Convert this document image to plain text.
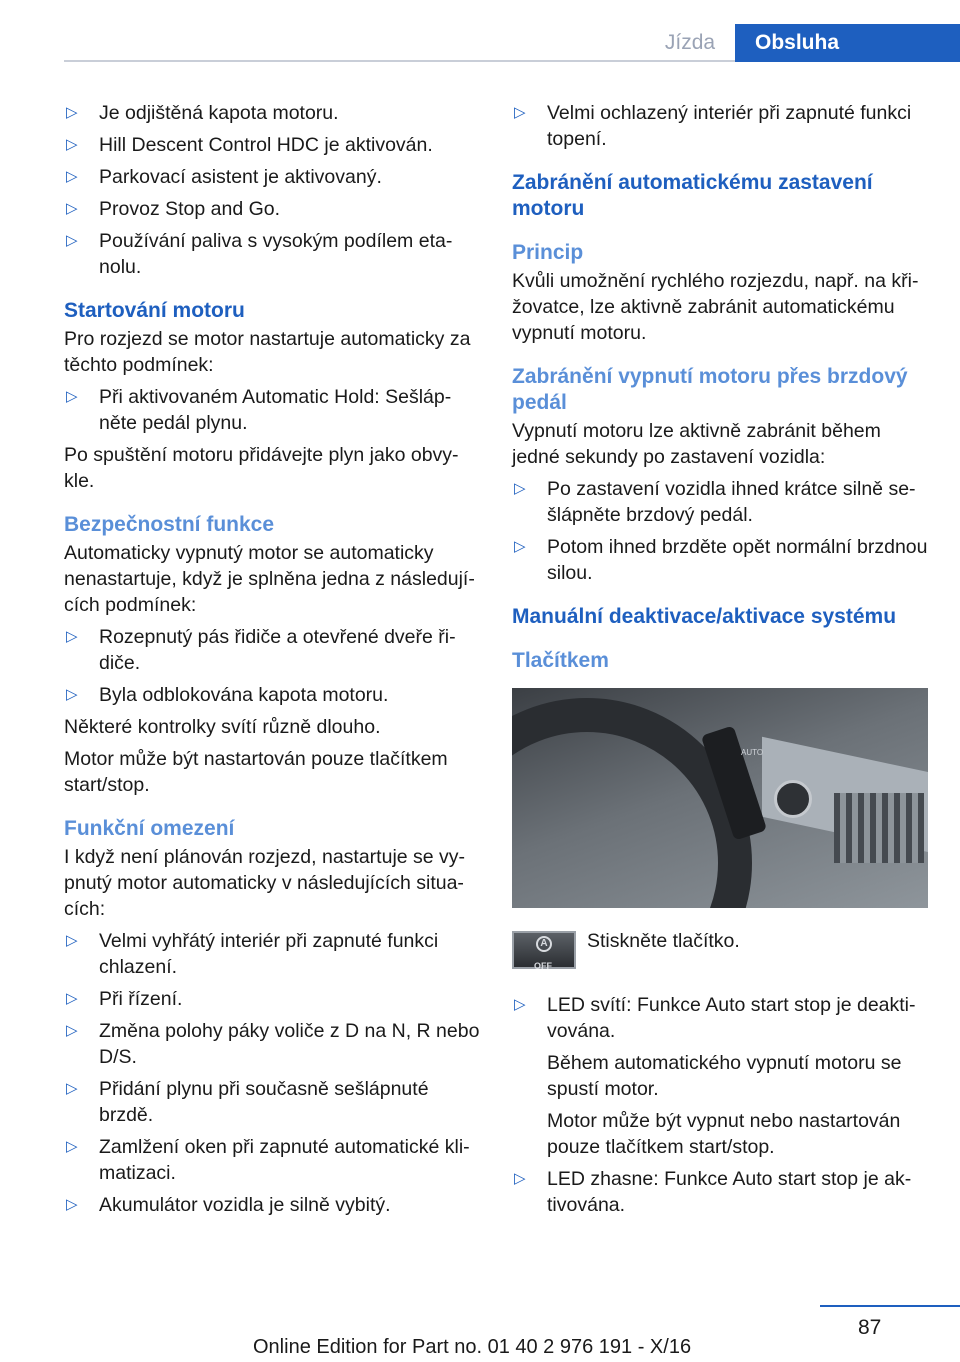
Jízda	Obsluha
▷ Je odjištěná kapota motoru.
▷ Hill Descent Control HDC je aktivován.
▷ Parkovací asistent je aktivovaný.
▷ Provoz Stop and Go.
▷ Používání paliva s vysokým podílem eta-nolu.
Startování motoru
Pro rozjezd se motor nastartuje automaticky za těchto podmínek:
▷ Při aktivovaném Automatic Hold: Sešláp-něte pedál plynu.
Po spuštění motoru přidávejte plyn jako obvy-kle.
Bezpečnostní funkce
Automaticky vypnutý motor se automaticky nenastartuje, když je splněna jedna z následují-cích podmínek:
▷ Rozepnutý pás řidiče a otevřené dveře ři-diče.
▷ Byla odblokována kapota motoru.
Některé kontrolky svítí různě dlouho.
Motor může být nastartován pouze tlačítkem start/stop.
Funkční omezení
I když není plánován rozjezd, nastartuje se vy-pnutý motor automaticky v následujících situa-cích:
▷ Velmi vyhřátý interiér při zapnuté funkci chlazení.
▷ Při řízení.
▷ Změna polohy páky voliče z D na N, R nebo D/S.
▷ Přidání plynu při současně sešlápnuté brzdě.
▷ Zamlžení oken při zapnuté automatické kli-matizaci.
▷ Akumulátor vozidla je silně vybitý.
▷ Velmi ochlazený interiér při zapnuté funkci topení.
Zabránění automatickému zastavení motoru
Princip
Kvůli umožnění rychlého rozjezdu, např. na kři-žovatce, lze aktivně zabránit automatickému vypnutí motoru.
Zabránění vypnutí motoru přes brzdový pedál
Vypnutí motoru lze aktivně zabránit během jedné sekundy po zastavení vozidla:
▷ Po zastavení vozidla ihned krátce silně se-šlápněte brzdový pedál.
▷ Potom ihned brzděte opět normální brzdnou silou.
Manuální deaktivace/aktivace systému
Tlačítkem
AUTO
A
OFF
Stiskněte tlačítko.
▷ LED svítí: Funkce Auto start stop je deakti-vována.
Během automatického vypnutí motoru se spustí motor.
Motor může být vypnut nebo nastartován pouze tlačítkem start/stop.
▷ LED zhasne: Funkce Auto start stop je ak-tivována.
87
Online Edition for Part no. 01 40 2 976 191 - X/16
